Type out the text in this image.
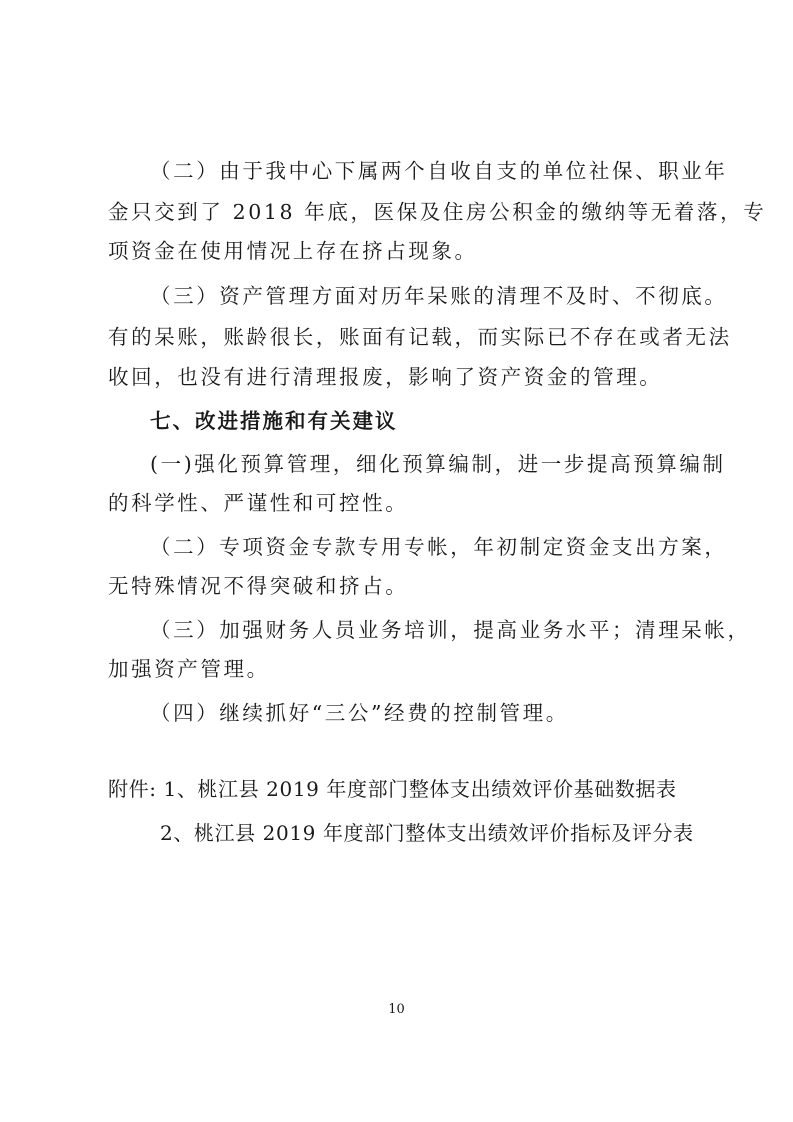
（二）由于我中心下属两个自收自支的单位社保、职业年
金只交到了 2018 年底，医保及住房公积金的缴纳等无着落，专
项资金在使用情况上存在挤占现象。
（三）资产管理方面对历年呆账的清理不及时、不彻底。
有的呆账，账龄很长，账面有记载，而实际已不存在或者无法
收回，也没有进行清理报废，影响了资产资金的管理。
七、改进措施和有关建议
(一)强化预算管理，细化预算编制，进一步提高预算编制
的科学性、严谨性和可控性。
（二）专项资金专款专用专帐，年初制定资金支出方案，
无特殊情况不得突破和挤占。
（三）加强财务人员业务培训，提高业务水平；清理呆帐，
加强资产管理。
（四）继续抓好“三公”经费的控制管理。
附件: 1、桃江县 2019 年度部门整体支出绩效评价基础数据表
2、桃江县 2019 年度部门整体支出绩效评价指标及评分表
10
